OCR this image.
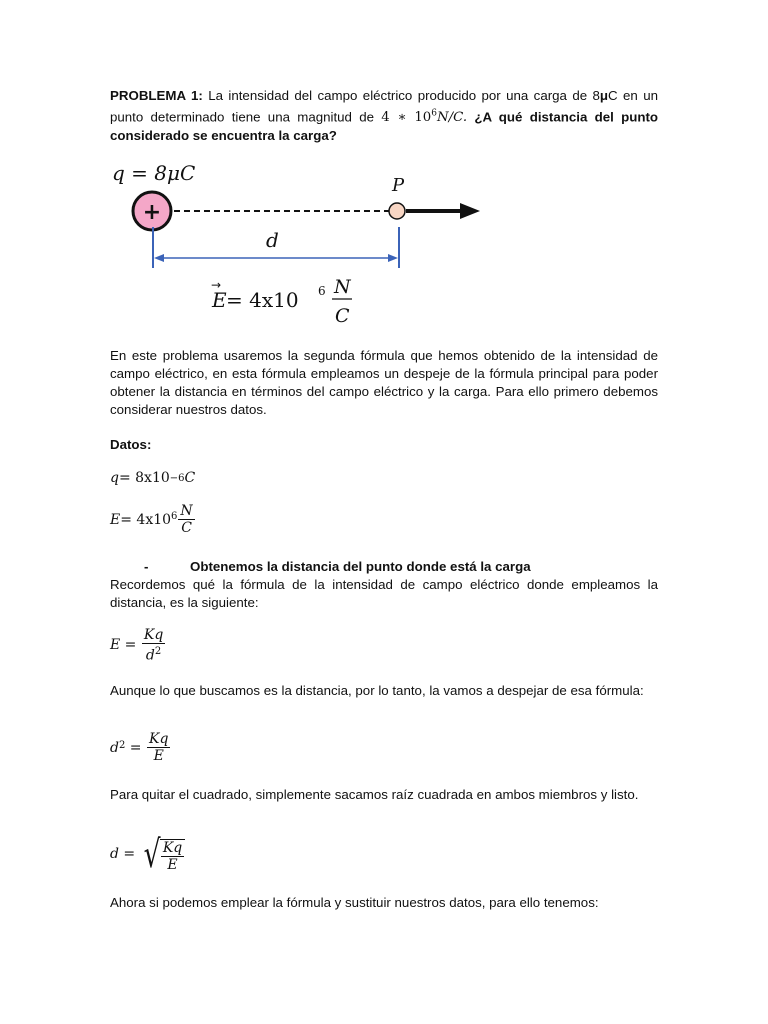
PROBLEMA 1: La intensidad del campo eléctrico producido por una carga de 8μC en un punto determinado tiene una magnitud de 4 ∗ $10^6N/C$. ¿A qué distancia del punto considerado se encuentra la carga?

q = 8μC
+
P
d
E
→
= 4x10 6 N
C

En este problema usaremos la segunda fórmula que hemos obtenido de la intensidad de campo eléctrico, en esta fórmula empleamos un despeje de la fórmula principal para poder obtener la distancia en términos del campo eléctrico y la carga. Para ello primero debemos considerar nuestros datos.

Datos:

q = 8x10 −6 C
E = 4x10 $6 \frac{N}{C}$

-	Obtenemos la distancia del punto donde está la carga

Recordemos qué la fórmula de la intensidad de campo eléctrico donde empleamos la distancia, es la siguiente:

$E = \frac{Kq}{d^2}$

Aunque lo que buscamos es la distancia, por lo tanto, la vamos a despejar de esa fórmula:

d $2 = \frac{Kq}{E}$

Para quitar el cuadrado, simplemente sacamos raíz cuadrada en ambos miembros y listo.

d = √ $\frac{Kq}{E}$

Ahora si podemos emplear la fórmula y sustituir nuestros datos, para ello tenemos:
